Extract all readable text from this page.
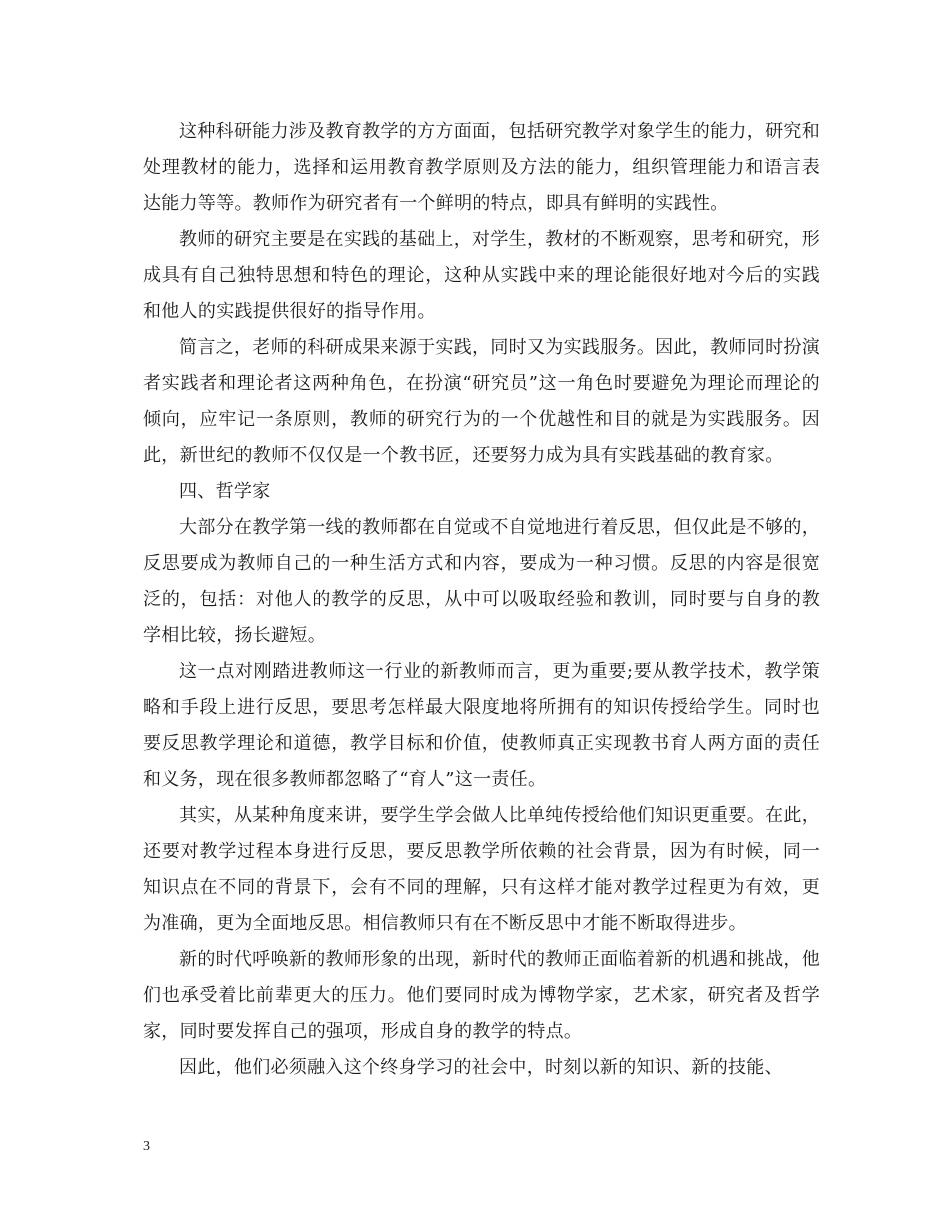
这种科研能力涉及教育教学的方方面面，包括研究教学对象学生的能力，研究和处理教材的能力，选择和运用教育教学原则及方法的能力，组织管理能力和语言表达能力等等。教师作为研究者有一个鲜明的特点，即具有鲜明的实践性。

教师的研究主要是在实践的基础上，对学生，教材的不断观察，思考和研究，形成具有自己独特思想和特色的理论，这种从实践中来的理论能很好地对今后的实践和他人的实践提供很好的指导作用。

简言之，老师的科研成果来源于实践，同时又为实践服务。因此，教师同时扮演者实践者和理论者这两种角色，在扮演“研究员”这一角色时要避免为理论而理论的倾向，应牢记一条原则，教师的研究行为的一个优越性和目的就是为实践服务。因此，新世纪的教师不仅仅是一个教书匠，还要努力成为具有实践基础的教育家。

四、哲学家

大部分在教学第一线的教师都在自觉或不自觉地进行着反思，但仅此是不够的，反思要成为教师自己的一种生活方式和内容，要成为一种习惯。反思的内容是很宽泛的，包括：对他人的教学的反思，从中可以吸取经验和教训，同时要与自身的教学相比较，扬长避短。

这一点对刚踏进教师这一行业的新教师而言，更为重要;要从教学技术，教学策略和手段上进行反思，要思考怎样最大限度地将所拥有的知识传授给学生。同时也要反思教学理论和道德，教学目标和价值，使教师真正实现教书育人两方面的责任和义务，现在很多教师都忽略了“育人”这一责任。

其实，从某种角度来讲，要学生学会做人比单纯传授给他们知识更重要。在此，还要对教学过程本身进行反思，要反思教学所依赖的社会背景，因为有时候，同一知识点在不同的背景下，会有不同的理解，只有这样才能对教学过程更为有效，更为准确，更为全面地反思。相信教师只有在不断反思中才能不断取得进步。

新的时代呼唤新的教师形象的出现，新时代的教师正面临着新的机遇和挑战，他们也承受着比前辈更大的压力。他们要同时成为博物学家，艺术家，研究者及哲学家，同时要发挥自己的强项，形成自身的教学的特点。

因此，他们必须融入这个终身学习的社会中，时刻以新的知识、新的技能、

3
